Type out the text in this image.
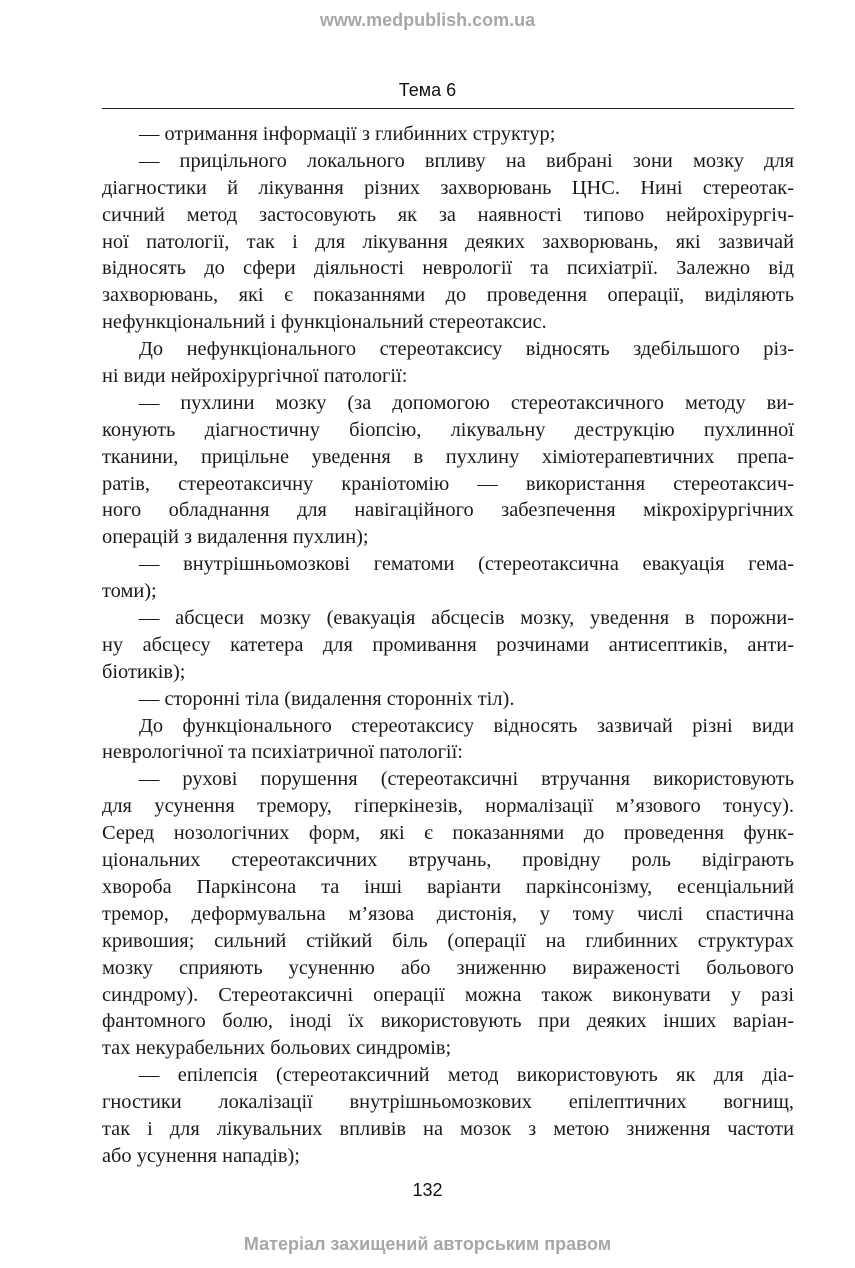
www.medpublish.com.ua
Тема 6
— отримання інформації з глибинних структур;
— прицільного локального впливу на вибрані зони мозку для
діагностики й лікування різних захворювань ЦНС. Нині стереотак-
сичний метод застосовують як за наявності типово нейрохірургіч-
ної патології, так і для лікування деяких захворювань, які зазвичай
відносять до сфери діяльності неврології та психіатрії. Залежно від
захворювань, які є показаннями до проведення операції, виділяють
нефункціональний і функціональний стереотаксис.
До нефункціонального стереотаксису відносять здебільшого різ-
ні види нейрохірургічної патології:
— пухлини мозку (за допомогою стереотаксичного методу ви-
конують діагностичну біопсію, лікувальну деструкцію пухлинної
тканини, прицільне уведення в пухлину хіміотерапевтичних препа-
ратів, стереотаксичну краніотомію — використання стереотаксич-
ного обладнання для навігаційного забезпечення мікрохірургічних
операцій з видалення пухлин);
— внутрішньомозкові гематоми (стереотаксична евакуація гема-
томи);
— абсцеси мозку (евакуація абсцесів мозку, уведення в порожни-
ну абсцесу катетера для промивання розчинами антисептиків, анти-
біотиків);
— сторонні тіла (видалення сторонніх тіл).
До функціонального стереотаксису відносять зазвичай різні види
неврологічної та психіатричної патології:
— рухові порушення (стереотаксичні втручання використовують
для усунення тремору, гіперкінезів, нормалізації м’язового тонусу).
Серед нозологічних форм, які є показаннями до проведення функ-
ціональних стереотаксичних втручань, провідну роль відіграють
хвороба Паркінсона та інші варіанти паркінсонізму, есенціальний
тремор, деформувальна м’язова дистонія, у тому числі спастична
кривошия; сильний стійкий біль (операції на глибинних структурах
мозку сприяють усуненню або зниженню вираженості больового
синдрому). Стереотаксичні операції можна також виконувати у разі
фантомного болю, іноді їх використовують при деяких інших варіан-
тах некурабельних больових синдромів;
— епілепсія (стереотаксичний метод використовують як для діа-
гностики локалізації внутрішньомозкових епілептичних вогнищ,
так і для лікувальних впливів на мозок з метою зниження частоти
або усунення нападів);
132
Матеріал захищений авторським правом
